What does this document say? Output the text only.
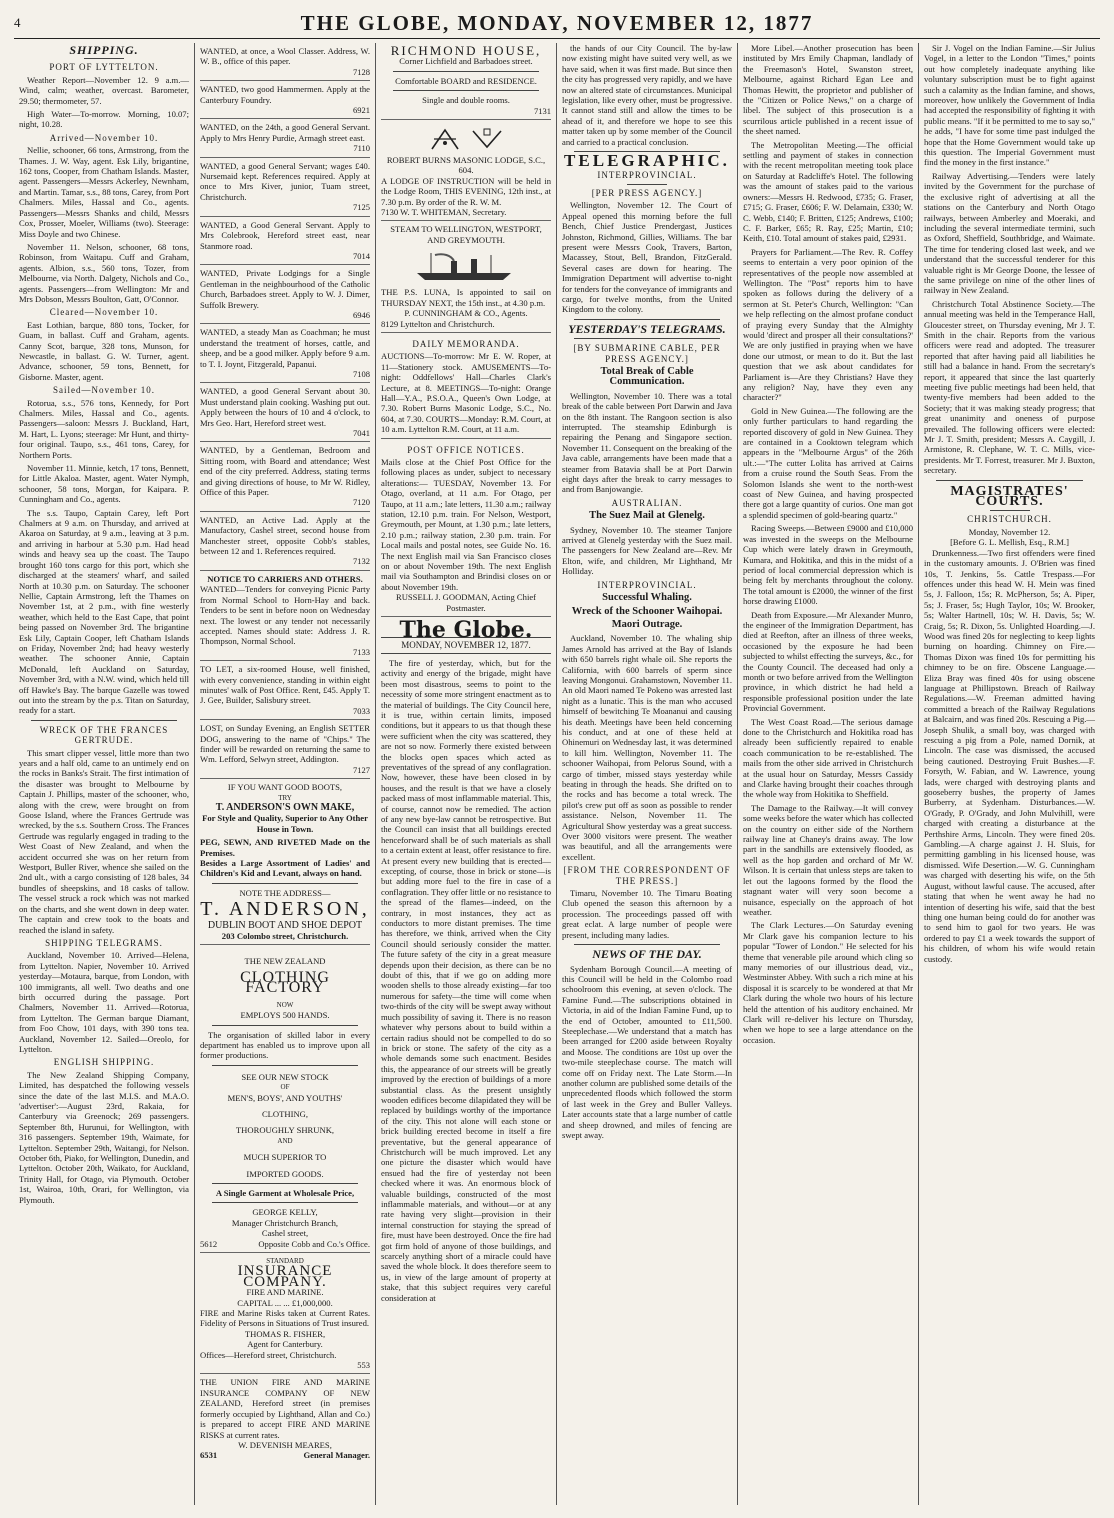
4	THE GLOBE, MONDAY, NOVEMBER 12, 1877
SHIPPING.
PORT OF LYTTELTON.

Weather Report—November 12. 9 a.m.—Wind, calm; weather, overcast. Barometer, 29.50; thermometer, 57.

High Water—To-morrow. Morning, 10.07; night, 10.28.

Arrived—November 10.

Nellie, schooner, 66 tons, Armstrong, from the Thames. J. W. Way, agent. Esk Lily, brigantine, 162 tons, Cooper, from Chatham Islands. Master, agent. Passengers—Messrs Ackerley, Newnham, and Martin. Tamar, s.s., 88 tons, Carey, from Port Chalmers. Miles, Hassal and Co., agents. Passengers—Messrs Shanks and child, Messrs Cox, Prosser, Moeler, Williams (two). Steerage: Miss Doyle and two Chinese.

November 11. Nelson, schooner, 68 tons, Robinson, from Waitapu. Cuff and Graham, agents. Albion, s.s., 560 tons, Tozer, from Melbourne, via North. Dalgety, Nichols and Co., agents. Passengers—from Wellington: Mr and Mrs Dobson, Messrs Boulton, Gatt, O'Connor.

Cleared—November 10.

East Lothian, barque, 880 tons, Tocker, for Guam, in ballast. Cuff and Graham, agents. Canny Scot, barque, 328 tons, Munson, for Newcastle, in ballast. G. W. Turner, agent. Advance, schooner, 59 tons, Bennett, for Gisborne. Master, agent.

Sailed—November 10.

Rotorua, s.s., 576 tons, Kennedy, for Port Chalmers. Miles, Hassal and Co., agents. Passengers—saloon: Messrs J. Buckland, Hart, M. Hart, L. Lyons; steerage: Mr Hunt, and thirty-four original. Taupo, s.s., 461 tons, Carey, for Northern Ports.

November 11. Minnie, ketch, 17 tons, Bennett, for Little Akaloa. Master, agent. Water Nymph, schooner, 58 tons, Morgan, for Kaipara. P. Cunningham and Co., agents.

The s.s. Taupo, Captain Carey, left Port Chalmers at 9 a.m. on Thursday, and arrived at Akaroa on Saturday, at 9 a.m., leaving at 3 p.m. and arriving in harbour at 5.30 p.m. Had head winds and heavy sea up the coast. The Taupo brought 160 tons cargo for this port, which she discharged at the steamers' wharf, and sailed North at 10.30 p.m. on Saturday. The schooner Nellie, Captain Armstrong, left the Thames on November 1st, at 2 p.m., with fine westerly weather, which held to the East Cape, that point being passed on November 3rd. The brigantine Esk Lily, Captain Cooper, left Chatham Islands on Friday, November 2nd; had heavy westerly weather. The schooner Annie, Captain McDonald, left Auckland on Saturday, November 3rd, with a N.W. wind, which held till off Hawke's Bay. The barque Gazelle was towed out into the stream by the p.s. Titan on Saturday, ready for a start.

WRECK OF THE FRANCES GERTRUDE.

This smart clipper vessel, little more than two years and a half old, came to an untimely end on the rocks in Banks's Strait. The first intimation of the disaster was brought to Melbourne by Captain J. Phillips, master of the schooner, who, along with the crew, were brought on from Goose Island, where the Frances Gertrude was wrecked, by the s.s. Southern Cross. The Frances Gertrude was regularly engaged in trading to the West Coast of New Zealand, and when the accident occurred she was on her return from Westport, Buller River, whence she sailed on the 2nd ult., with a cargo consisting of 128 bales, 34 bundles of sheepskins, and 18 casks of tallow. The vessel struck a rock which was not marked on the charts, and she went down in deep water. The captain and crew took to the boats and reached the island in safety.

SHIPPING TELEGRAMS.

Auckland, November 10. Arrived—Helena, from Lyttelton. Napier, November 10. Arrived yesterday—Motaura, barque, from London, with 100 immigrants, all well. Two deaths and one birth occurred during the passage. Port Chalmers, November 11. Arrived—Rotorua, from Lyttelton. The German barque Diamant, from Foo Chow, 101 days, with 390 tons tea. Auckland, November 12. Sailed—Oreolo, for Lyttelton.

ENGLISH SHIPPING.

The New Zealand Shipping Company, Limited, has despatched the following vessels since the date of the last M.I.S. and M.A.O. 'advertiser':—August 23rd, Rakaia, for Canterbury via Greenock; 269 passengers. September 8th, Hurunui, for Wellington, with 316 passengers. September 19th, Waimate, for Lyttelton. September 29th, Waitangi, for Nelson. October 6th, Piako, for Wellington, Dunedin, and Lyttelton. October 20th, Waikato, for Auckland, Trinity Hall, for Otago, via Plymouth. October 1st, Wairoa, 10th, Orari, for Wellington, via Plymouth.

WANTED, at once, a Wool Classer. Address, W. W. B., office of this paper.
7128
WANTED, two good Hammermen. Apply at the Canterbury Foundry.
6921
WANTED, on the 24th, a good General Servant. Apply to Mrs Henry Purdie, Armagh street east.
7110
WANTED, a good General Servant; wages £40. Nursemaid kept. References required. Apply at once to Mrs Kiver, junior, Tuam street, Christchurch.
7125
WANTED, a Good General Servant. Apply to Mrs Colebrook, Hereford street east, near Stanmore road.
7014
WANTED, Private Lodgings for a Single Gentleman in the neighbourhood of the Catholic Church, Barbadoes street. Apply to W. J. Dimer, Suffolk Brewery.
6946
WANTED, a steady Man as Coachman; he must understand the treatment of horses, cattle, and sheep, and be a good milker. Apply before 9 a.m. to T. I. Joynt, Fitzgerald, Papanui.
7108
WANTED, a good General Servant about 30. Must understand plain cooking. Washing put out. Apply between the hours of 10 and 4 o'clock, to Mrs Geo. Hart, Hereford street west.
7041
WANTED, by a Gentleman, Bedroom and Sitting room, with Board and attendance; West end of the city preferred. Address, stating terms and giving directions of house, to Mr W. Ridley, Office of this Paper.
7120
WANTED, an Active Lad. Apply at the Manufactory, Cashel street, second house from Manchester street, opposite Cobb's stables, between 12 and 1. References required.
7132
NOTICE TO CARRIERS AND OTHERS.
WANTED—Tenders for conveying Picnic Party from Normal School to Horn-Hay and back. Tenders to be sent in before noon on Wednesday next. The lowest or any tender not necessarily accepted. Names should state: Address J. R. Thompson, Normal School.
7133
TO LET, a six-roomed House, well finished, with every convenience, standing in within eight minutes' walk of Post Office. Rent, £45. Apply T. J. Gee, Builder, Salisbury street.
7033
LOST, on Sunday Evening, an English SETTER DOG, answering to the name of "Chips." The finder will be rewarded on returning the same to Wm. Lefford, Selwyn street, Addington.
7127
IF YOU WANT GOOD BOOTS,
TRY
T. ANDERSON'S OWN MAKE,
For Style and Quality, Superior to Any Other House in Town.
PEG, SEWN, AND RIVETED Made on the Premises.
Besides a Large Assortment of Ladies' and Children's Kid and Levant, always on hand.
NOTE THE ADDRESS—
T. ANDERSON,
DUBLIN BOOT AND SHOE DEPOT
203 Colombo street, Christchurch.
THE NEW ZEALAND
CLOTHING FACTORY
NOW
EMPLOYS 500 HANDS.

The organisation of skilled labor in every department has enabled us to improve upon all former productions.

SEE OUR NEW STOCK
OF
MEN'S, BOYS', AND YOUTHS'
CLOTHING,
THOROUGHLY SHRUNK,
AND
MUCH SUPERIOR TO
IMPORTED GOODS.
A Single Garment at Wholesale Price,
GEORGE KELLY,
Manager Christchurch Branch,
Cashel street,
5612	Opposite Cobb and Co.'s Office.
STANDARD
INSURANCE COMPANY.
FIRE AND MARINE.
CAPITAL ... ... £1,000,000.
FIRE and Marine Risks taken at Current Rates. Fidelity of Persons in Situations of Trust insured.
THOMAS R. FISHER,
Agent for Canterbury.
Offices—Hereford street, Christchurch.
553
THE UNION FIRE AND MARINE INSURANCE COMPANY OF NEW ZEALAND, Hereford street (in premises formerly occupied by Lighthand, Allan and Co.) is prepared to accept FIRE AND MARINE RISKS at current rates.
W. DEVENISH MEARES,
6531	General Manager.
RICHMOND HOUSE,
Corner Lichfield and Barbadoes street.
Comfortable BOARD and RESIDENCE.
Single and double rooms.
7131
ROBERT BURNS MASONIC LODGE, S.C., 604.
A LODGE OF INSTRUCTION will be held in the Lodge Room, THIS EVENING, 12th inst., at 7.30 p.m. By order of the R. W. M.
7130 W. T. WHITEMAN, Secretary.
STEAM TO WELLINGTON, WESTPORT, AND GREYMOUTH.
THE P.S. LUNA, Is appointed to sail on THURSDAY NEXT, the 15th inst., at 4.30 p.m.
P. CUNNINGHAM & CO., Agents.
8129 Lyttelton and Christchurch.
DAILY MEMORANDA.
AUCTIONS—To-morrow: Mr E. W. Roper, at 11—Stationery stock. AMUSEMENTS—To-night: Oddfellows' Hall—Charles Clark's Lecture, at 8. MEETINGS—To-night: Orange Hall—Y.A., P.S.O.A., Queen's Own Lodge, at 7.30. Robert Burns Masonic Lodge, S.C., No. 604, at 7.30. COURTS—Monday: R.M. Court, at 10 a.m. Lyttelton R.M. Court, at 11 a.m.
POST OFFICE NOTICES.
Mails close at the Chief Post Office for the following places as under, subject to necessary alterations:— TUESDAY, November 13. For Otago, overland, at 11 a.m. For Otago, per Taupo, at 11 a.m.; late letters, 11.30 a.m.; railway station, 12.10 p.m. train. For Nelson, Westport, Greymouth, per Mount, at 1.30 p.m.; late letters, 2.10 p.m.; railway station, 2.30 p.m. train. For Local mails and postal notes, see Guide No. 16. The next English mail via San Francisco closes on or about November 19th. The next English mail via Southampton and Brindisi closes on or about November 19th.
RUSSELL J. GOODMAN, Acting Chief Postmaster.
The Globe.
MONDAY, NOVEMBER 12, 1877.

The fire of yesterday, which, but for the activity and energy of the brigade, might have been most disastrous, seems to point to the necessity of some more stringent enactment as to the material of buildings. The City Council here, it is true, within certain limits, imposed conditions, but it appears to us that though these were sufficient when the city was scattered, they are not so now. Formerly there existed between the blocks open spaces which acted as preventatives of the spread of any conflagration. Now, however, these have been closed in by houses, and the result is that we have a closely packed mass of most inflammable material. This, of course, cannot now be remedied. The action of any new bye-law cannot be retrospective. But the Council can insist that all buildings erected henceforward shall be of such materials as shall to a certain extent at least, offer resistance to fire. At present every new building that is erected—excepting, of course, those in brick or stone—is but adding more fuel to the fire in case of a conflagration. They offer little or no resistance to the spread of the flames—indeed, on the contrary, in most instances, they act as conductors to more distant premises. The time has therefore, we think, arrived when the City Council should seriously consider the matter. The future safety of the city in a great measure depends upon their decision, as there can be no doubt of this, that if we go on adding more wooden shells to those already existing—far too numerous for safety—the time will come when two-thirds of the city will be swept away without much possibility of saving it. There is no reason whatever why persons about to build within a certain radius should not be compelled to do so in brick or stone. The safety of the city as a whole demands some such enactment. Besides this, the appearance of our streets will be greatly improved by the erection of buildings of a more substantial class. As the present unsightly wooden edifices become dilapidated they will be replaced by buildings worthy of the importance of the city. This not alone will each stone or brick building erected become in itself a fire preventative, but the general appearance of Christchurch will be much improved. Let any one picture the disaster which would have ensued had the fire of yesterday not been checked where it was. An enormous block of valuable buildings, constructed of the most inflammable materials, and without—or at any rate having very slight—provision in their internal construction for staying the spread of fire, must have been destroyed. Once the fire had got firm hold of anyone of those buildings, and scarcely anything short of a miracle could have saved the whole block. It does therefore seem to us, in view of the large amount of property at stake, that this subject requires very careful consideration at

the hands of our City Council. The by-law now existing might have suited very well, as we have said, when it was first made. But since then the city has progressed very rapidly, and we have now an altered state of circumstances. Municipal legislation, like every other, must be progressive. It cannot stand still and allow the times to be ahead of it, and therefore we hope to see this matter taken up by some member of the Council and carried to a practical conclusion.

TELEGRAPHIC.
INTERPROVINCIAL.
[PER PRESS AGENCY.]

Wellington, November 12. The Court of Appeal opened this morning before the full Bench, Chief Justice Prendergast, Justices Johnston, Richmond, Gillies, Williams. The bar present were Messrs Cook, Travers, Barton, Macassey, Stout, Bell, Brandon, FitzGerald. Several cases are down for hearing. The Immigration Department will advertise to-night for tenders for the conveyance of immigrants and cargo, for twelve months, from the United Kingdom to the colony.

YESTERDAY'S TELEGRAMS.
[BY SUBMARINE CABLE, PER PRESS AGENCY.]
Total Break of Cable Communication.

Wellington, November 10. There was a total break of the cable between Port Darwin and Java on the 8th instant. The Rangoon section is also interrupted. The steamship Edinburgh is repairing the Penang and Singapore section. November 11. Consequent on the breaking of the Java cable, arrangements have been made that a steamer from Batavia shall be at Port Darwin eight days after the break to carry messages to and from Banjowangie.

AUSTRALIAN.
The Suez Mail at Glenelg.

Sydney, November 10. The steamer Tanjore arrived at Glenelg yesterday with the Suez mail. The passengers for New Zealand are—Rev. Mr Elton, wife, and children, Mr Lighthand, Mr Holliday.

INTERPROVINCIAL.
Successful Whaling.
Wreck of the Schooner Waihopai.
Maori Outrage.

Auckland, November 10. The whaling ship James Arnold has arrived at the Bay of Islands with 650 barrels right whale oil. She reports the California, with 600 barrels of sperm since leaving Mongonui. Grahamstown, November 11. An old Maori named Te Pokeno was arrested last night as a lunatic. This is the man who accused himself of bewitching Te Moananui and causing his death. Meetings have been held concerning his conduct, and at one of these held at Ohinemuri on Wednesday last, it was determined to kill him. Wellington, November 11. The schooner Waihopai, from Pelorus Sound, with a cargo of timber, missed stays yesterday while beating in through the heads. She drifted on to the rocks and has become a total wreck. The pilot's crew put off as soon as possible to render assistance. Nelson, November 11. The Agricultural Show yesterday was a great success. Over 3000 visitors were present. The weather was beautiful, and all the arrangements were excellent.

[FROM THE CORRESPONDENT OF THE PRESS.]

Timaru, November 10. The Timaru Boating Club opened the season this afternoon by a procession. The proceedings passed off with great eclat. A large number of people were present, including many ladies.

NEWS OF THE DAY.

Sydenham Borough Council.—A meeting of this Council will be held in the Colombo road schoolroom this evening, at seven o'clock. The Famine Fund.—The subscriptions obtained in Victoria, in aid of the Indian Famine Fund, up to the end of October, amounted to £11,500. Steeplechase.—We understand that a match has been arranged for £200 aside between Royalty and Moose. The conditions are 10st up over the two-mile steeplechase course. The match will come off on Friday next. The Late Storm.—In another column are published some details of the unprecedented floods which followed the storm of last week in the Grey and Buller Valleys. Later accounts state that a large number of cattle and sheep drowned, and miles of fencing are swept away.

More Libel.—Another prosecution has been instituted by Mrs Emily Chapman, landlady of the Freemason's Hotel, Swanston street, Melbourne, against Richard Egan Lee and Thomas Hewitt, the proprietor and publisher of the "Citizen or Police News," on a charge of libel. The subject of this prosecution is a scurrilous article published in a recent issue of the sheet named.

The Metropolitan Meeting.—The official settling and payment of stakes in connection with the recent metropolitan meeting took place on Saturday at Radcliffe's Hotel. The following was the amount of stakes paid to the various owners:—Messrs H. Redwood, £735; G. Fraser, £715; G. Fraser, £606; F. W. Delamain, £330; W. C. Webb, £140; F. Britten, £125; Andrews, £100; C. F. Barker, £65; R. Ray, £25; Martin, £10; Keith, £10. Total amount of stakes paid, £2931.

Prayers for Parliament.—The Rev. R. Coffey seems to entertain a very poor opinion of the representatives of the people now assembled at Wellington. The "Post" reports him to have spoken as follows during the delivery of a sermon at St. Peter's Church, Wellington: "Can we help reflecting on the almost profane conduct of praying every Sunday that the Almighty would 'direct and prosper all their consultations?' We are only justified in praying when we have done our utmost, or mean to do it. But the last question that we ask about candidates for Parliament is—Are they Christians? Have they any religion? Nay, have they even any character?"

Gold in New Guinea.—The following are the only further particulars to hand regarding the reported discovery of gold in New Guinea. They are contained in a Cooktown telegram which appears in the "Melbourne Argus" of the 26th ult.:—"The cutter Lolita has arrived at Cairns from a cruise round the South Seas. From the Solomon Islands she went to the north-west coast of New Guinea, and having prospected there got a large quantity of curios. One man got a splendid specimen of gold-bearing quartz."

Racing Sweeps.—Between £9000 and £10,000 was invested in the sweeps on the Melbourne Cup which were lately drawn in Greymouth, Kumara, and Hokitika, and this in the midst of a period of local commercial depression which is being felt by merchants throughout the colony. The total amount is £2000, the winner of the first horse drawing £1000.

Death from Exposure.—Mr Alexander Munro, the engineer of the Immigration Department, has died at Reefton, after an illness of three weeks, occasioned by the exposure he had been subjected to whilst effecting the surveys, &c., for the County Council. The deceased had only a month or two before arrived from the Wellington province, in which district he had held a responsible professional position under the late Provincial Government.

The West Coast Road.—The serious damage done to the Christchurch and Hokitika road has already been sufficiently repaired to enable coach communication to be re-established. The mails from the other side arrived in Christchurch at the usual hour on Saturday, Messrs Cassidy and Clarke having brought their coaches through the whole way from Hokitika to Sheffield.

The Damage to the Railway.—It will convey some weeks before the water which has collected on the country on either side of the Northern railway line at Chaney's drains away. The low part in the sandhills are extensively flooded, as well as the hop garden and orchard of Mr W. Wilson. It is certain that unless steps are taken to let out the lagoons formed by the flood the stagnant water will very soon become a nuisance, especially on the approach of hot weather.

The Clark Lectures.—On Saturday evening Mr Clark gave his companion lecture to his popular "Tower of London." He selected for his theme that venerable pile around which cling so many memories of our illustrious dead, viz., Westminster Abbey. With such a rich mine at his disposal it is scarcely to be wondered at that Mr Clark during the whole two hours of his lecture held the attention of his auditory enchained. Mr Clark will re-deliver his lecture on Thursday, when we hope to see a large attendance on the occasion.

Sir J. Vogel on the Indian Famine.—Sir Julius Vogel, in a letter to the London "Times," points out how completely inadequate anything like voluntary subscription must be to fight against such a calamity as the Indian famine, and shows, moreover, how unlikely the Government of India had accepted the responsibility of fighting it with public means. "If it be permitted to me to say so," he adds, "I have for some time past indulged the hope that the Home Government would take up this question. The Imperial Government must find the money in the first instance."

Railway Advertising.—Tenders were lately invited by the Government for the purchase of the exclusive right of advertising at all the stations on the Canterbury and North Otago railways, between Amberley and Moeraki, and including the several intermediate termini, such as Oxford, Sheffield, Southbridge, and Waimate. The time for tendering closed last week, and we understand that the successful tenderer for this valuable right is Mr George Doone, the lessee of the same privilege on nine of the other lines of railway in New Zealand.

Christchurch Total Abstinence Society.—The annual meeting was held in the Temperance Hall, Gloucester street, on Thursday evening, Mr J. T. Smith in the chair. Reports from the various officers were read and adopted. The treasurer reported that after having paid all liabilities he still had a balance in hand. From the secretary's report, it appeared that since the last quarterly meeting five public meetings had been held, that twenty-five members had been added to the Society; that it was making steady progress; that great unanimity and oneness of purpose prevailed. The following officers were elected: Mr J. T. Smith, president; Messrs A. Caygill, J. Armistone, R. Clephane, W. T. C. Mills, vice-presidents. Mr T. Forrest, treasurer. Mr J. Buxton, secretary.

MAGISTRATES' COURTS.
CHRISTCHURCH.
Monday, November 12.
[Before G. L. Mellish, Esq., R.M.]

Drunkenness.—Two first offenders were fined in the customary amounts. J. O'Brien was fined 10s, T. Jenkins, 5s. Cattle Trespass.—For offences under this head W. H. Mein was fined 5s, J. Falloon, 15s; R. McPherson, 5s; A. Piper, 5s; J. Fraser, 5s; Hugh Taylor, 10s; W. Brooker, 5s; Walter Hartnell, 10s; W. H. Davis, 5s; W. Craig, 5s; R. Dixon, 5s. Unlighted Hoarding.—J. Wood was fined 20s for neglecting to keep lights burning on hoarding. Chimney on Fire.—Thomas Dixon was fined 10s for permitting his chimney to be on fire. Obscene Language.—Eliza Bray was fined 40s for using obscene language at Phillipstown. Breach of Railway Regulations.—W. Freeman admitted having committed a breach of the Railway Regulations at Balcairn, and was fined 20s. Rescuing a Pig.—Joseph Shulik, a small boy, was charged with rescuing a pig from a Pole, named Dornik, at Lincoln. The case was dismissed, the accused being cautioned. Destroying Fruit Bushes.—F. Forsyth, W. Fabian, and W. Lawrence, young lads, were charged with destroying plants and gooseberry bushes, the property of James Burberry, at Sydenham. Disturbances.—W. O'Grady, P. O'Grady, and John Mulvihill, were charged with creating a disturbance at the Perthshire Arms, Lincoln. They were fined 20s. Gambling.—A charge against J. H. Sluis, for permitting gambling in his licensed house, was dismissed. Wife Desertion.—W. G. Cunningham was charged with deserting his wife, on the 5th August, without lawful cause. The accused, after stating that when he went away he had no intention of deserting his wife, said that the best thing one human being could do for another was to send him to gaol for two years. He was ordered to pay £1 a week towards the support of his children, of whom his wife would retain custody.
